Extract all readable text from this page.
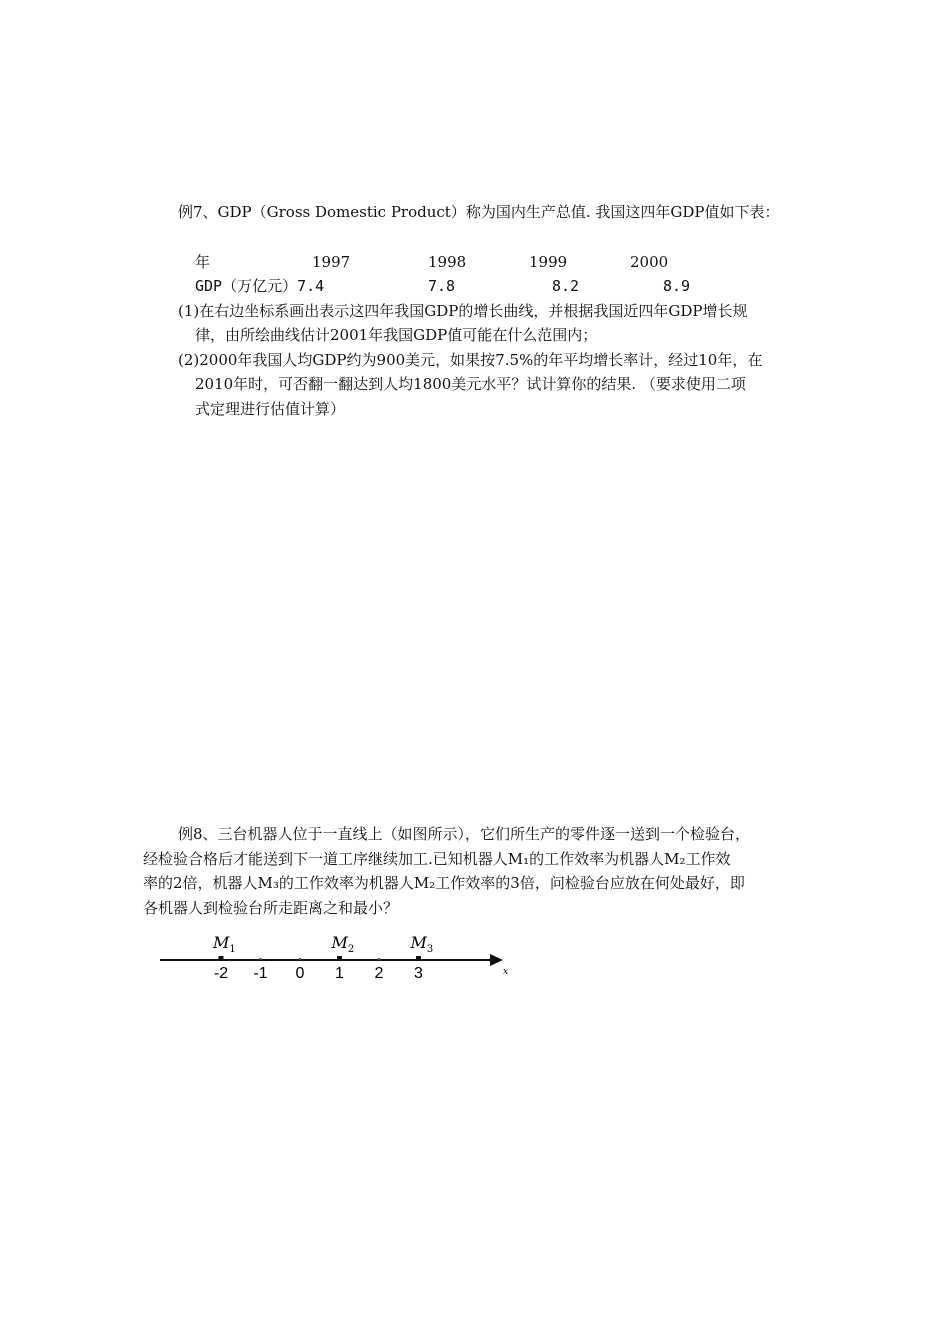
例7、GDP（Gross Domestic Product）称为国内生产总值. 我国这四年GDP值如下表：
年	1997	1998	1999	2000
GDP（万亿元）7.4	7.8	8.2	8.9
(1)在右边坐标系画出表示这四年我国GDP的增长曲线，并根据我国近四年GDP增长规
律，由所绘曲线估计2001年我国GDP值可能在什么范围内；
(2)2000年我国人均GDP约为900美元，如果按7.5%的年平均增长率计，经过10年，在
2010年时，可否翻一翻达到人均1800美元水平？试计算你的结果. （要求使用二项
式定理进行估值计算）
例8、三台机器人位于一直线上（如图所示），它们所生产的零件逐一送到一个检验台，
经检验合格后才能送到下一道工序继续加工.已知机器人M₁的工作效率为机器人M₂工作效
率的2倍，机器人M₃的工作效率为机器人M₂工作效率的3倍，问检验台应放在何处最好，即
各机器人到检验台所走距离之和最小？
x
$M_1$	$M_2$	$M_3$
-2 -1 0 1 2 3
